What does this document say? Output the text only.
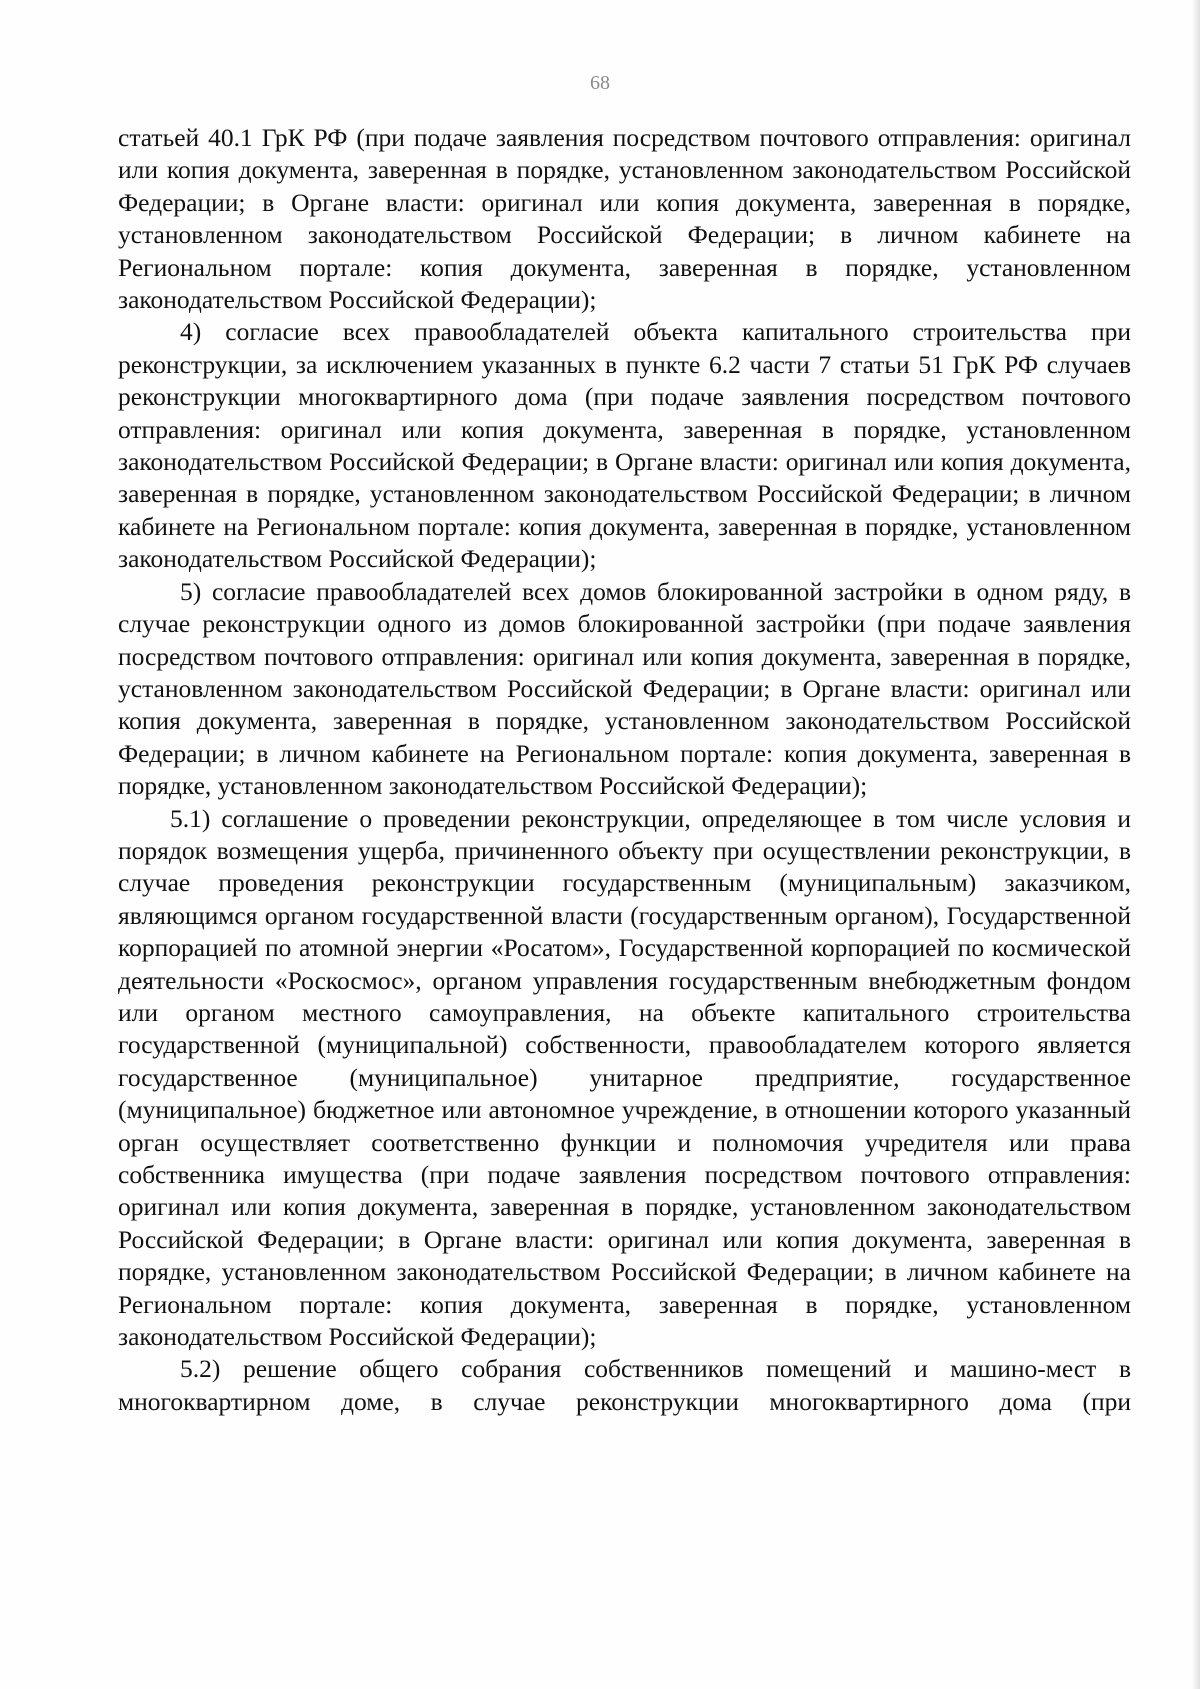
68

статьей 40.1 ГрК РФ (при подаче заявления посредством почтового отправления: оригинал или копия документа, заверенная в порядке, установленном законодательством Российской Федерации; в Органе власти: оригинал или копия документа, заверенная в порядке, установленном законодательством Российской Федерации; в личном кабинете на Региональном портале: копия документа, заверенная в порядке, установленном законодательством Российской Федерации);

4) согласие всех правообладателей объекта капитального строительства при реконструкции, за исключением указанных в пункте 6.2 части 7 статьи 51 ГрК РФ случаев реконструкции многоквартирного дома (при подаче заявления посредством почтового отправления: оригинал или копия документа, заверенная в порядке, установленном законодательством Российской Федерации; в Органе власти: оригинал или копия документа, заверенная в порядке, установленном законодательством Российской Федерации; в личном кабинете на Региональном портале: копия документа, заверенная в порядке, установленном законодательством Российской Федерации);

5) согласие правообладателей всех домов блокированной застройки в одном ряду, в случае реконструкции одного из домов блокированной застройки (при подаче заявления посредством почтового отправления: оригинал или копия документа, заверенная в порядке, установленном законодательством Российской Федерации; в Органе власти: оригинал или копия документа, заверенная в порядке, установленном законодательством Российской Федерации; в личном кабинете на Региональном портале: копия документа, заверенная в порядке, установленном законодательством Российской Федерации);

5.1) соглашение о проведении реконструкции, определяющее в том числе условия и порядок возмещения ущерба, причиненного объекту при осуществлении реконструкции, в случае проведения реконструкции государственным (муниципальным) заказчиком, являющимся органом государственной власти (государственным органом), Государственной корпорацией по атомной энергии «Росатом», Государственной корпорацией по космической деятельности «Роскосмос», органом управления государственным внебюджетным фондом или органом местного самоуправления, на объекте капитального строительства государственной (муниципальной) собственности, правообладателем которого является государственное (муниципальное) унитарное предприятие, государственное (муниципальное) бюджетное или автономное учреждение, в отношении которого указанный орган осуществляет соответственно функции и полномочия учредителя или права собственника имущества (при подаче заявления посредством почтового отправления: оригинал или копия документа, заверенная в порядке, установленном законодательством Российской Федерации; в Органе власти: оригинал или копия документа, заверенная в порядке, установленном законодательством Российской Федерации; в личном кабинете на Региональном портале: копия документа, заверенная в порядке, установленном законодательством Российской Федерации);

5.2) решение общего собрания собственников помещений и машино-мест в многоквартирном доме, в случае реконструкции многоквартирного дома (при
